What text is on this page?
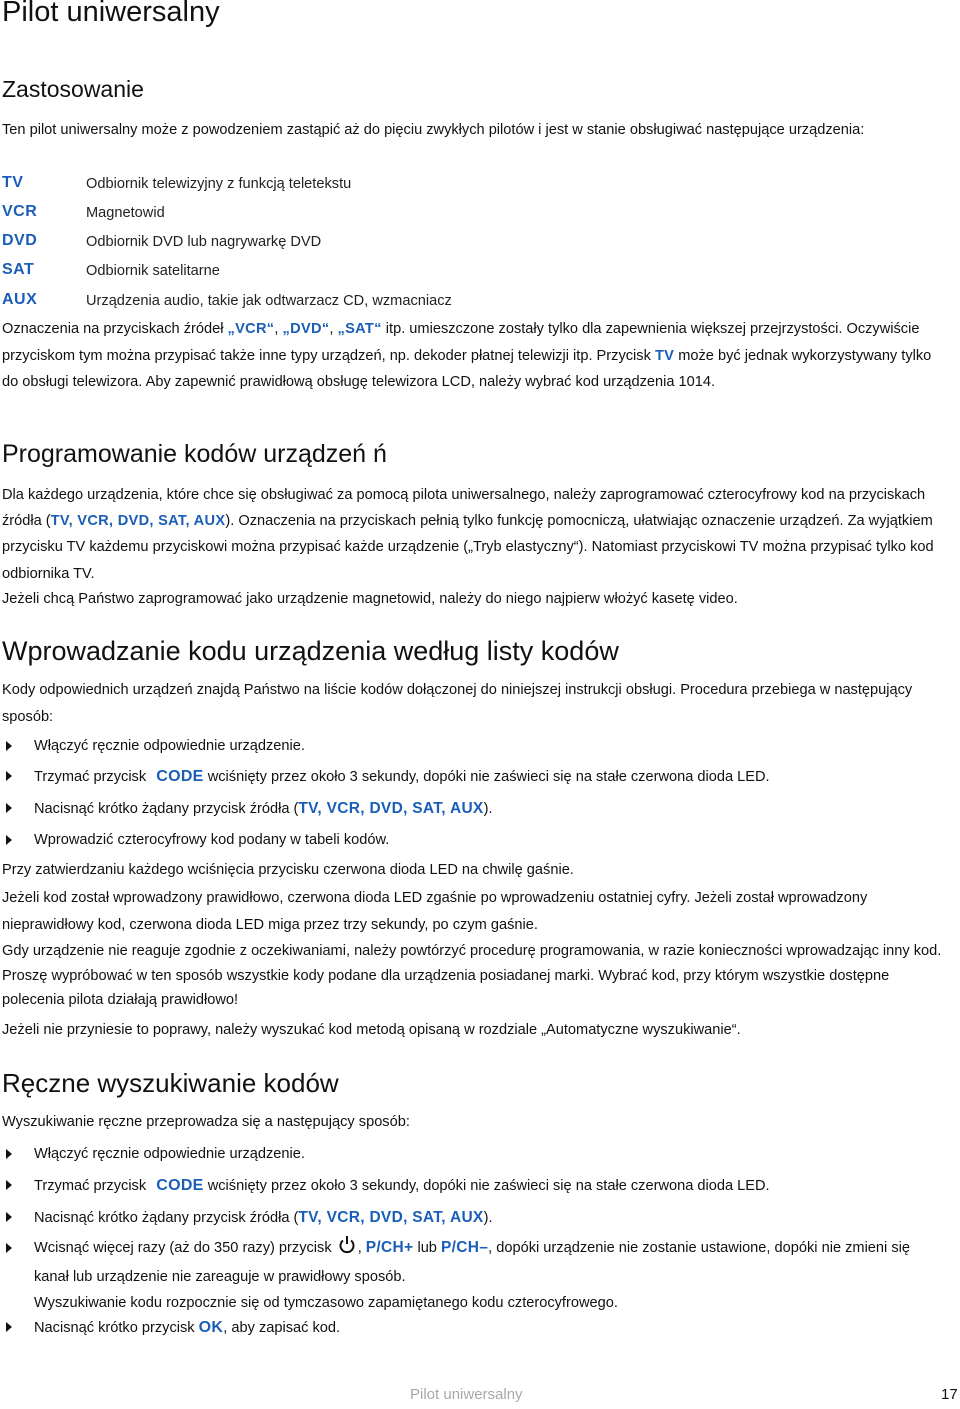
Pilot uniwersalny
Zastosowanie

Ten pilot uniwersalny może z powodzeniem zastąpić aż do pięciu zwykłych pilotów i jest w stanie obsługiwać następujące urządzenia:

TV	Odbiornik telewizyjny z funkcją teletekstu
VCR	Magnetowid
DVD	Odbiornik DVD lub nagrywarkę DVD
SAT	Odbiornik satelitarne
AUX	Urządzenia audio, takie jak odtwarzacz CD, wzmacniacz

Oznaczenia na przyciskach źródeł „VCR“, „DVD“, „SAT“ itp. umieszczone zostały tylko dla zapewnienia większej przejrzystości. Oczywiście przyciskom tym można przypisać także inne typy urządzeń, np. dekoder płatnej telewizji itp. Przycisk TV może być jednak wykorzystywany tylko do obsługi telewizora. Aby zapewnić prawidłową obsługę telewizora LCD, należy wybrać kod urządzenia 1014.

Programowanie kodów urządzeń ń

Dla każdego urządzenia, które chce się obsługiwać za pomocą pilota uniwersalnego, należy zaprogramować czterocyfrowy kod na przyciskach źródła (TV, VCR, DVD, SAT, AUX). Oznaczenia na przyciskach pełnią tylko funkcję pomocniczą, ułatwiając oznaczenie urządzeń. Za wyjątkiem przycisku TV każdemu przyciskowi można przypisać każde urządzenie („Tryb elastyczny“). Natomiast przyciskowi TV można przypisać tylko kod odbiornika TV.

Jeżeli chcą Państwo zaprogramować jako urządzenie magnetowid, należy do niego najpierw włożyć kasetę video.

Wprowadzanie kodu urządzenia według listy kodów

Kody odpowiednich urządzeń znajdą Państwo na liście kodów dołączonej do niniejszej instrukcji obsługi. Procedura przebiega w następujący sposób:

Włączyć ręcznie odpowiednie urządzenie.
Trzymać przycisk CODE wciśnięty przez około 3 sekundy, dopóki nie zaświeci się na stałe czerwona dioda LED.
Nacisnąć krótko żądany przycisk źródła (TV, VCR, DVD, SAT, AUX).
Wprowadzić czterocyfrowy kod podany w tabeli kodów.

Przy zatwierdzaniu każdego wciśnięcia przycisku czerwona dioda LED na chwilę gaśnie.

Jeżeli kod został wprowadzony prawidłowo, czerwona dioda LED zgaśnie po wprowadzeniu ostatniej cyfry. Jeżeli został wprowadzony nieprawidłowy kod, czerwona dioda LED miga przez trzy sekundy, po czym gaśnie.

Gdy urządzenie nie reaguje zgodnie z oczekiwaniami, należy powtórzyć procedurę programowania, w razie konieczności wprowadzając inny kod. Proszę wypróbować w ten sposób wszystkie kody podane dla urządzenia posiadanej marki. Wybrać kod, przy którym wszystkie dostępne polecenia pilota działają prawidłowo!

Jeżeli nie przyniesie to poprawy, należy wyszukać kod metodą opisaną w rozdziale „Automatyczne wyszukiwanie“.

Ręczne wyszukiwanie kodów

Wyszukiwanie ręczne przeprowadza się a następujący sposób:

Włączyć ręcznie odpowiednie urządzenie.
Trzymać przycisk CODE wciśnięty przez około 3 sekundy, dopóki nie zaświeci się na stałe czerwona dioda LED.
Nacisnąć krótko żądany przycisk źródła (TV, VCR, DVD, SAT, AUX).
Wcisnąć więcej razy (aż do 350 razy) przycisk , P/CH+ lub P/CH–, dopóki urządzenie nie zostanie ustawione, dopóki nie zmieni się kanał lub urządzenie nie zareaguje w prawidłowy sposób.
Wyszukiwanie kodu rozpocznie się od tymczasowo zapamiętanego kodu czterocyfrowego.
Nacisnąć krótko przycisk OK, aby zapisać kod.
Pilot uniwersalny	17
